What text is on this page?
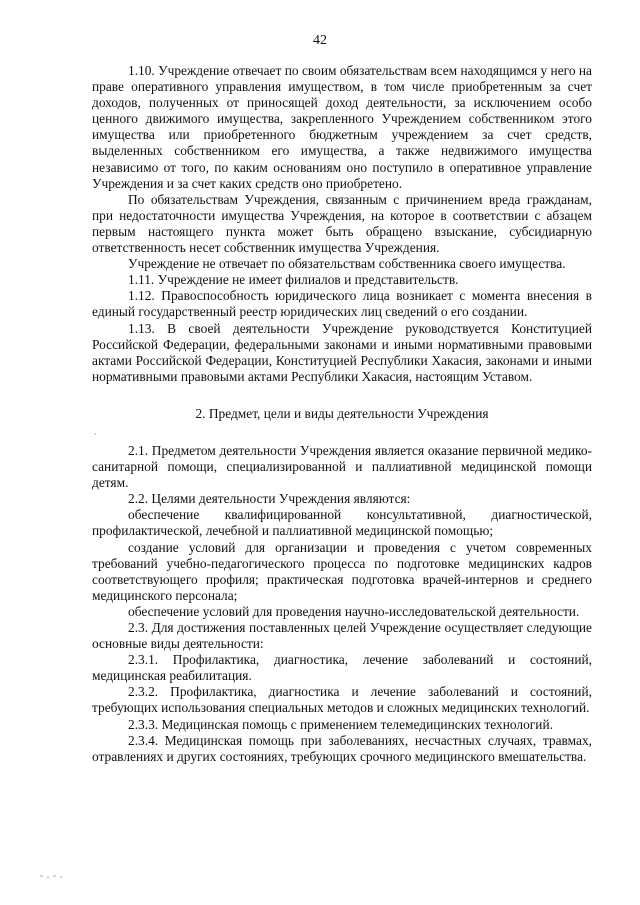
42

1.10. Учреждение отвечает по своим обязательствам всем находящимся у него на праве оперативного управления имуществом, в том числе приобретенным за счет доходов, полученных от приносящей доход деятельности, за исключением особо ценного движимого имущества, закрепленного Учреждением собственником этого имущества или приобретенного бюджетным учреждением за счет средств, выделенных собственником его имущества, а также недвижимого имущества независимо от того, по каким основаниям оно поступило в оперативное управление Учреждения и за счет каких средств оно приобретено.

По обязательствам Учреждения, связанным с причинением вреда гражданам, при недостаточности имущества Учреждения, на которое в соответствии с абзацем первым настоящего пункта может быть обращено взыскание, субсидиарную ответственность несет собственник имущества Учреждения.

Учреждение не отвечает по обязательствам собственника своего имущества.

1.11. Учреждение не имеет филиалов и представительств.

1.12. Правоспособность юридического лица возникает с момента внесения в единый государственный реестр юридических лиц сведений о его создании.

1.13. В своей деятельности Учреждение руководствуется Конституцией Российской Федерации, федеральными законами и иными нормативными правовыми актами Российской Федерации, Конституцией Республики Хакасия, законами и иными нормативными правовыми актами Республики Хакасия, настоящим Уставом.

2. Предмет, цели и виды деятельности Учреждения

2.1. Предметом деятельности Учреждения является оказание первичной медико-санитарной помощи, специализированной и паллиативной медицинской помощи детям.

2.2. Целями деятельности Учреждения являются:

обеспечение квалифицированной консультативной, диагностической, профилактической, лечебной и паллиативной медицинской помощью;

создание условий для организации и проведения с учетом современных требований учебно-педагогического процесса по подготовке медицинских кадров соответствующего профиля; практическая подготовка врачей-интернов и среднего медицинского персонала;

обеспечение условий для проведения научно-исследовательской деятельности.

2.3. Для достижения поставленных целей Учреждение осуществляет следующие основные виды деятельности:

2.3.1. Профилактика, диагностика, лечение заболеваний и состояний, медицинская реабилитация.

2.3.2. Профилактика, диагностика и лечение заболеваний и состояний, требующих использования специальных методов и сложных медицинских технологий.

2.3.3. Медицинская помощь с применением телемедицинских технологий.

2.3.4. Медицинская помощь при заболеваниях, несчастных случаях, травмах, отравлениях и других состояниях, требующих срочного медицинского вмешательства.
